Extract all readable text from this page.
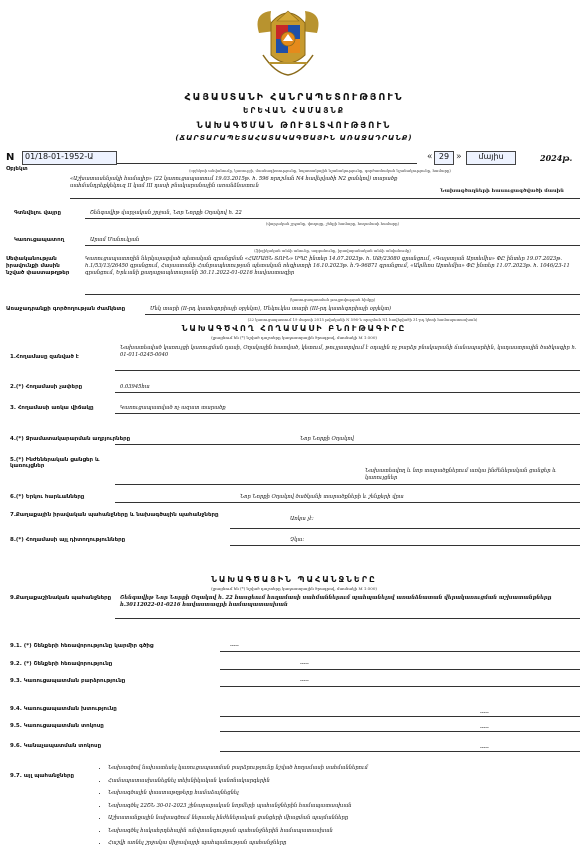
ՀԱՅԱՍՏԱՆԻ ՀԱՆՐԱՊԵՏՈՒԹՅՈՒՆ
ԵՐԵՎԱՆ ՀԱՄԱՅՆՔ
ՆԱԽԱԳԾՄԱՆ ԹՈՒՅԼՏՎՈՒԹՅՈՒՆ
(ՃԱՐՏԱՐԱՊԵՏԱՀԱՏԱԿԱԳԾԱՅԻՆ ԱՌԱՋԱԴՐԱՆՔ)
N	01/18-01-1952-Ա	« 29 »	մայիս	2024թ.
Օբյեկտ	(օբյեկտի անվանումը, կառույցի, մասնագիտությունը, նպատակային նշանակությունը, գործառնական նշանակությունը, համարը)
«Աշխատասենյակի համալիր» (22 կառուցապատում 19.03.2015թ. h. 596 որոշման N4 հավելվածի N2 ցանկով) տարածք սահմանդրեքկեկուզ II կամ III դասի բնակարանային առանձնատուն
Նախագծողների հասուցագծվածի մասին
Գտնվելու վայրը	Շենգավիթ վարչական շրջան, Նոր Նորքի Օղակով h. 22
(վարչական շրջանը, փողոցը, շենքի համարը, հողամասի համարը)
Կառուցապատող	Արամ Մանուկյան
(ֆիզիկական անձի անունը, ազգանունը, իրավաբանական անձի անվանումը)
Սեփականության իրավունքի մասին նշված փաստաթղթեր
Կառուցապատողին ներկայացված պետական գրանցման «ՀԱՄԱՅՆ ՏՈՒՆ» ՍՊԸ ինտեր 14.07.2023թ. h. ՍԹ/23080 գրանցում, «Գալստյան Արտեմիս» ՓԸ ինտեր 19.07.2023թ. h.1/53/13/26450 գրանցում, Հայաստանի Հանրապետության պետական ռեգիստրի 16.10.2023թ. հ.Դ-96871 գրանցում, «Ակմեոս Արտեմիս» ՓԸ ինտեր 11.07.2023թ. h. 1046/23-11 գրանցում, Երևանի քաղաքապետարանի 30.11.2022-01-0216 հավաստագիր
(կառուցապատման թույլտվության հիմքը)
Առաջադրանքի գործողության ժամկետը	Մեկ տարի (II-րդ կատեգորիայի օբյեկտ), Մեկուկես տարի (III-րդ կատեգորիայի օբյեկտ)
(22 կառուցապատում 19 մարտի 2015 թվականի N 596-Ն որոշման N1 հավելվածի 31-րդ կետի համապատասխան)
ՆԱԽԱԳԾՎՈՂ ՀՈՂԱՄԱՍԻ ԲՆՈՒԹԱԳԻՐԸ
(լրացնում են (*) նշված դաշտերը կադաստրային ծրագրով, մասնակի M 1:500)
1.Հողամասը զանված է
Նախատեսված կառույցի կառուցման դասի, Օղակային հատված, կետում, թույլատրվում է օդային ոչ բարձր բնակարանի ճանապարհին, կադաստրային ծածկագիր h. 01-011-0245-0040
2.(*) Հողամասի չափերը	0.03945հա
3. Հողամասի առկա վիճակը	Կառուցապատված ոչ ազատ տարածք
4.(*) Ջրամատակարարման աղբյուրները	Նոր Նորքի Օղակով
5.(*) Ինժեներական ցանցեր և կառույցներ
Նախատեսվող և նոր տարածքներում առկա ինժեներական ցանցեր և կառույցներ
6.(*) Երկու հարևանները	Նոր Նորքի Օղակով ծածկանի տարածքների և շենքերի վրա
7.Քաղաքային իրավական պահանջները և նախագծային պահանջները
Առկա չէ:
8.(*) Հողամասի այլ դիտողությունները	Չկա:
ՆԱԽԱԳԾԱՅԻՆ ՊԱՀԱՆՋՆԵՐԸ
(լրացնում են (*) նշված դաշտերը կադաստրային ծրագրով, մասնակի M 1:500)
9.Քաղաքաշինական պահանջները	Շենգավիթ Նոր Նորքի Օղակով h. 22 հասցեում հողամասի սահմաններում պահպանելով առանձնատան վերակառուցման աշխատանքները հ.30112022-01-0216 հավաստագրի համապատասխան
9.1. (*) Շենքերի հեռավորությունը կարմիր գծից	-----
9.2. (*) Շենքերի հեռավորությունը	-----
9.3. Կառուցապատման բարձրությունը	-----
9.4. Կառուցապատման խտությունը
-----
9.5. Կառուցապատման տոկոսը	-----
9.6. Կանաչապատման տոկոսը	-----
9.7. այլ պահանջները
• Նախագծով նախատեսել կառուցապատման բարձրությունը նշված հողամասի սահմաններում
• Համապատասխանեցնել տեխնիկական կանոնակարգերին
• Նախագծային փաստաթղթերը համաձայնեցնել
• Նախագծել 22ՇՆ 30-01-2023 շինարարական նորմերի պահանջներին համապատասխան
• Աշխատանքային նախագծում ներառել ինժեներական ցանցերի միացման պայմանները
• Նախագծել հակահրդեհային անվտանգության պահանջներին համապատասխան
• Հաշվի առնել շրջակա միջավայրի պահպանության պահանջները
